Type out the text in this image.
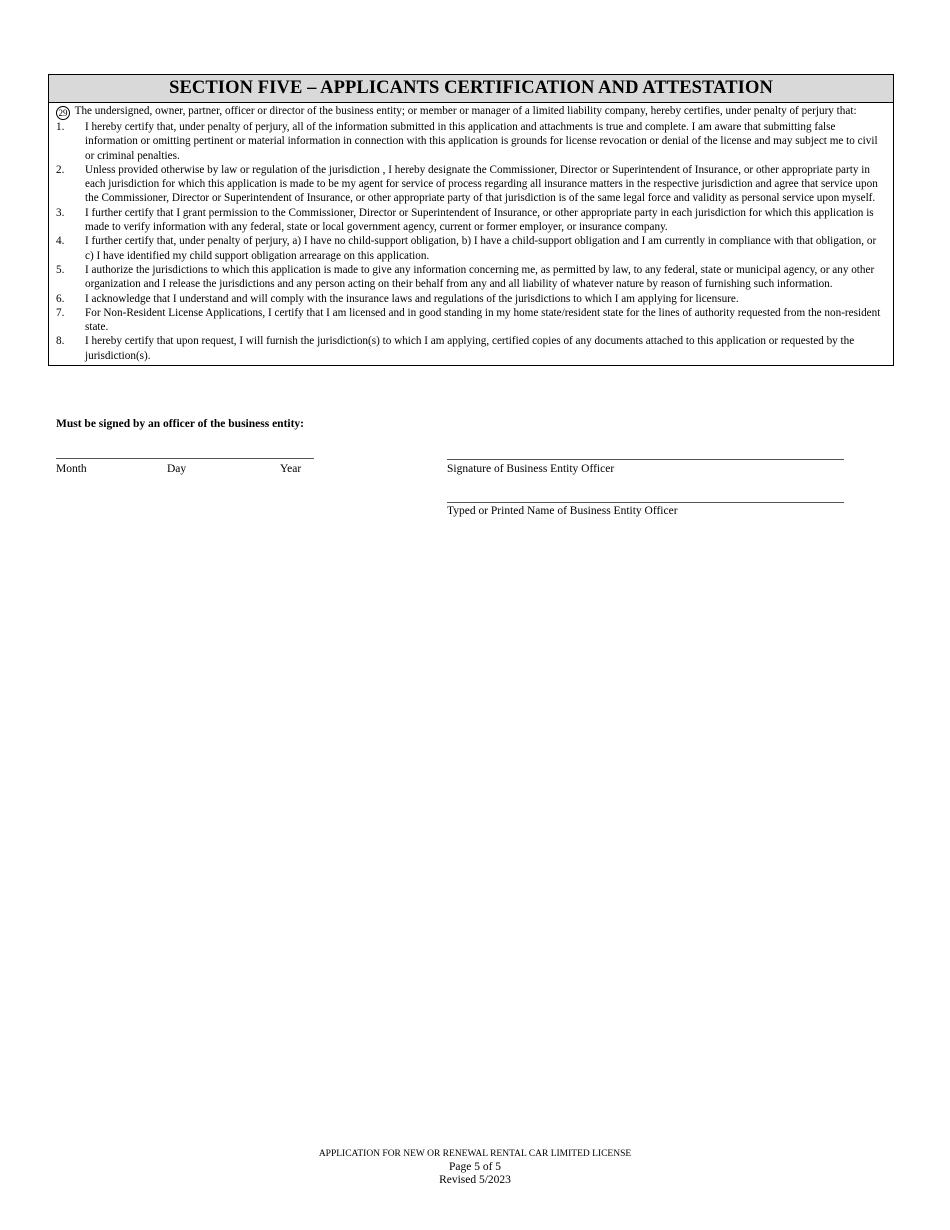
SECTION FIVE – APPLICANTS CERTIFICATION AND ATTESTATION
29 The undersigned, owner, partner, officer or director of the business entity; or member or manager of a limited liability company, hereby certifies, under penalty of perjury that:
1.	I hereby certify that, under penalty of perjury, all of the information submitted in this application and attachments is true and complete. I am aware that submitting false information or omitting pertinent or material information in connection with this application is grounds for license revocation or denial of the license and may subject me to civil or criminal penalties.
2.	Unless provided otherwise by law or regulation of the jurisdiction , I hereby designate the Commissioner, Director or Superintendent of Insurance, or other appropriate party in each jurisdiction for which this application is made to be my agent for service of process regarding all insurance matters in the respective jurisdiction and agree that service upon the Commissioner, Director or Superintendent of Insurance, or other appropriate party of that jurisdiction is of the same legal force and validity as personal service upon myself.
3.	I further certify that I grant permission to the Commissioner, Director or Superintendent of Insurance, or other appropriate party in each jurisdiction for which this application is made to verify information with any federal, state or local government agency, current or former employer, or insurance company.
4.	I further certify that, under penalty of perjury, a) I have no child-support obligation, b) I have a child-support obligation and I am currently in compliance with that obligation, or c) I have identified my child support obligation arrearage on this application.
5.	I authorize the jurisdictions to which this application is made to give any information concerning me, as permitted by law, to any federal, state or municipal agency, or any other organization and I release the jurisdictions and any person acting on their behalf from any and all liability of whatever nature by reason of furnishing such information.
6.	I acknowledge that I understand and will comply with the insurance laws and regulations of the jurisdictions to which I am applying for licensure.
7.	For Non-Resident License Applications, I certify that I am licensed and in good standing in my home state/resident state for the lines of authority requested from the non-resident state.
8.	I hereby certify that upon request, I will furnish the jurisdiction(s) to which I am applying, certified copies of any documents attached to this application or requested by the jurisdiction(s).
Must be signed by an officer of the business entity:
Month	Day	Year	Signature of Business Entity Officer
Typed or Printed Name of Business Entity Officer
APPLICATION FOR NEW OR RENEWAL RENTAL CAR LIMITED LICENSE
Page 5 of 5
Revised 5/2023
